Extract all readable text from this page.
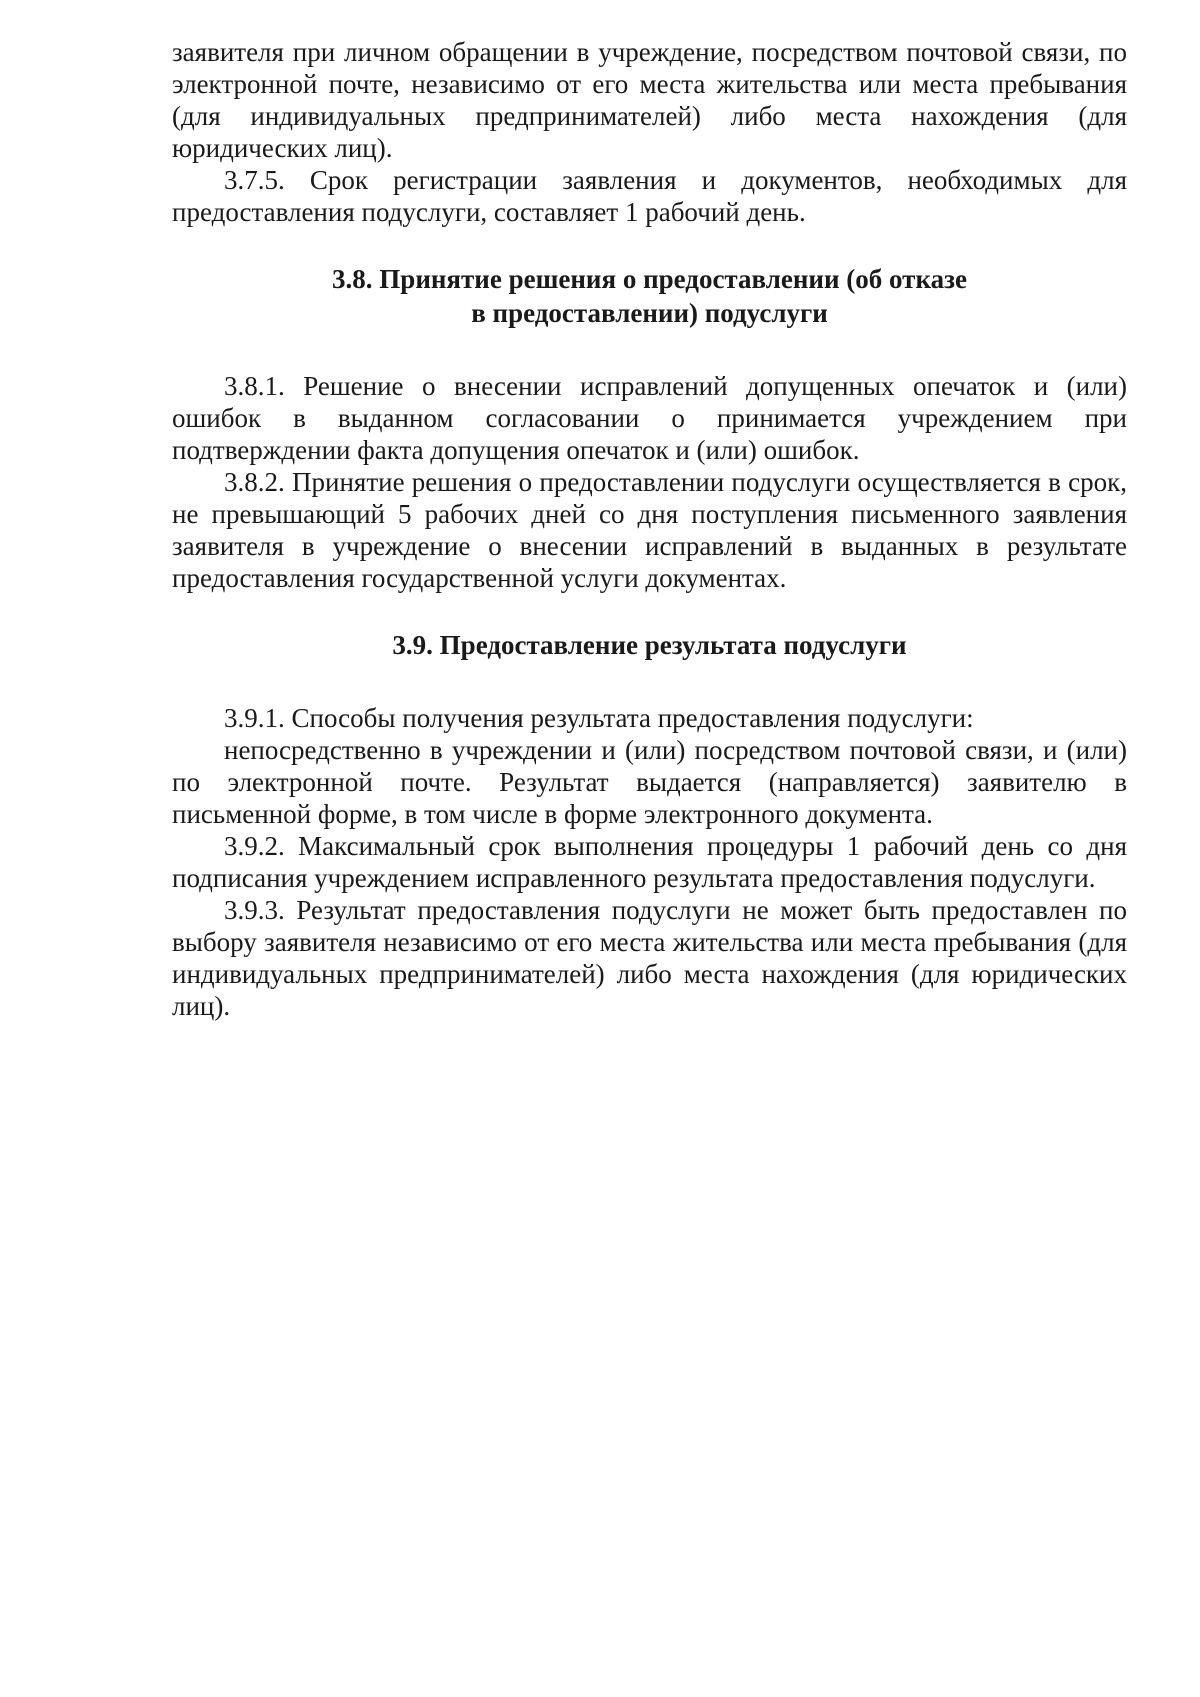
заявителя при личном обращении в учреждение, посредством почтовой связи, по электронной почте, независимо от его места жительства или места пребывания (для индивидуальных предпринимателей) либо места нахождения (для юридических лиц).

3.7.5. Срок регистрации заявления и документов, необходимых для предоставления подуслуги, составляет 1 рабочий день.

3.8. Принятие решения о предоставлении (об отказе
в предоставлении) подуслуги

3.8.1. Решение о внесении исправлений допущенных опечаток и (или) ошибок в выданном согласовании о принимается учреждением при подтверждении факта допущения опечаток и (или) ошибок.

3.8.2. Принятие решения о предоставлении подуслуги осуществляется в срок, не превышающий 5 рабочих дней со дня поступления письменного заявления заявителя в учреждение о внесении исправлений в выданных в результате предоставления государственной услуги документах.

3.9. Предоставление результата подуслуги

3.9.1. Способы получения результата предоставления подуслуги:

непосредственно в учреждении и (или) посредством почтовой связи, и (или) по электронной почте. Результат выдается (направляется) заявителю в письменной форме, в том числе в форме электронного документа.

3.9.2. Максимальный срок выполнения процедуры 1 рабочий день со дня подписания учреждением исправленного результата предоставления подуслуги.

3.9.3. Результат предоставления подуслуги не может быть предоставлен по выбору заявителя независимо от его места жительства или места пребывания (для индивидуальных предпринимателей) либо места нахождения (для юридических лиц).
